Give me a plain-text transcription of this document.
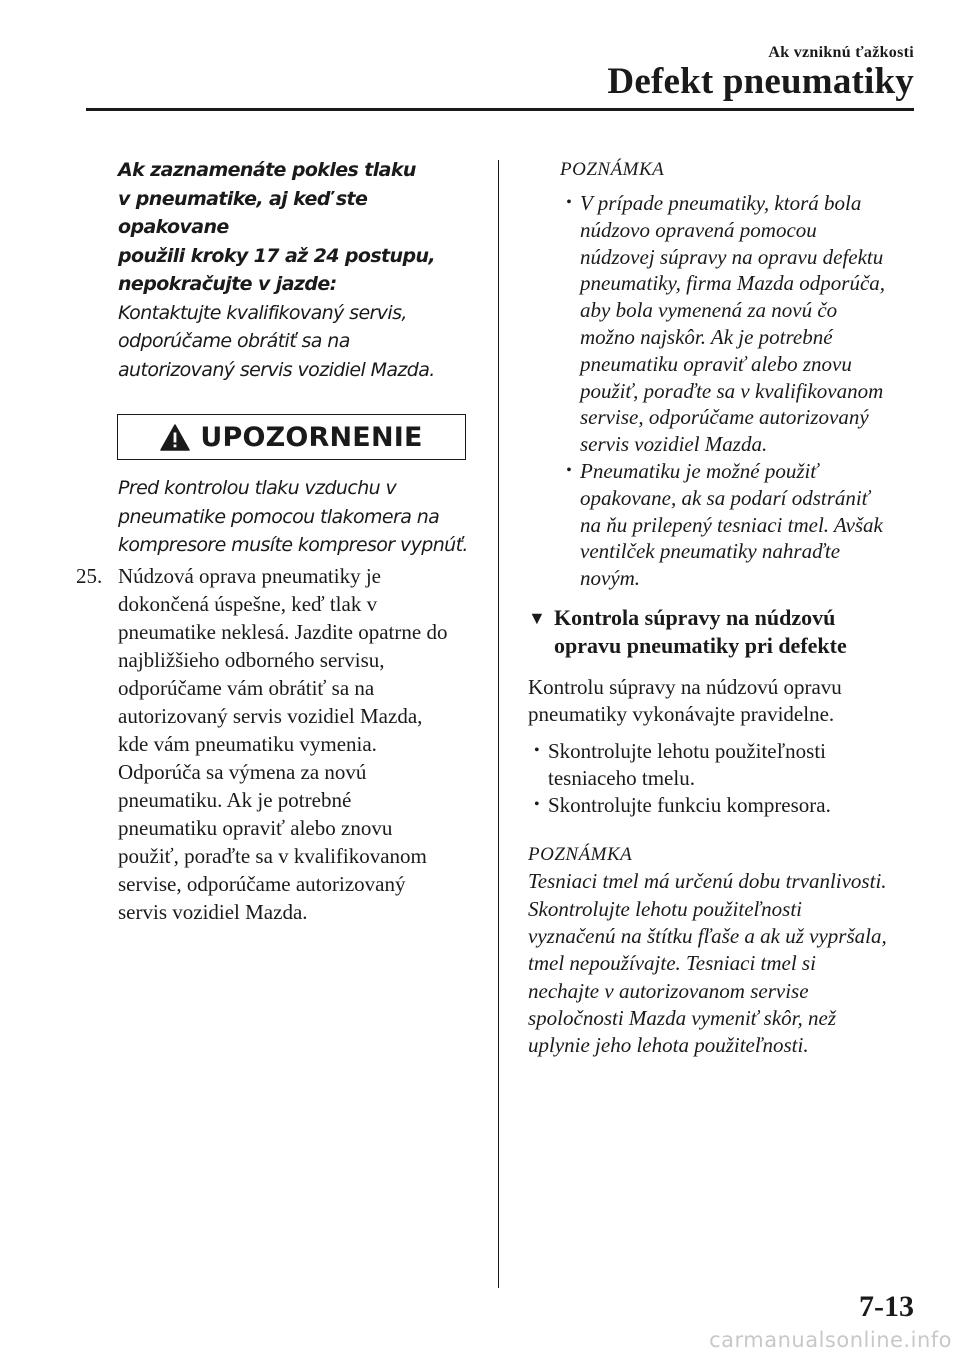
Ak vzniknú ťažkosti
Defekt pneumatiky
Ak zaznamenáte pokles tlaku
v pneumatike, aj keď ste opakovane
použili kroky 17 až 24 postupu,
nepokračujte v jazde:
Kontaktujte kvalifikovaný servis,
odporúčame obrátiť sa na
autorizovaný servis vozidiel Mazda.
UPOZORNENIE
Pred kontrolou tlaku vzduchu v
pneumatike pomocou tlakomera na
kompresore musíte kompresor vypnúť.
25. Núdzová oprava pneumatiky je
dokončená úspešne, keď tlak v
pneumatike neklesá. Jazdite opatrne do
najbližšieho odborného servisu,
odporúčame vám obrátiť sa na
autorizovaný servis vozidiel Mazda,
kde vám pneumatiku vymenia.
Odporúča sa výmena za novú
pneumatiku. Ak je potrebné
pneumatiku opraviť alebo znovu
použiť, poraďte sa v kvalifikovanom
servise, odporúčame autorizovaný
servis vozidiel Mazda.
POZNÁMKA
• V prípade pneumatiky, ktorá bola
núdzovo opravená pomocou
núdzovej súpravy na opravu defektu
pneumatiky, firma Mazda odporúča,
aby bola vymenená za novú čo
možno najskôr. Ak je potrebné
pneumatiku opraviť alebo znovu
použiť, poraďte sa v kvalifikovanom
servise, odporúčame autorizovaný
servis vozidiel Mazda.
• Pneumatiku je možné použiť
opakovane, ak sa podarí odstrániť
na ňu prilepený tesniaci tmel. Avšak
ventilček pneumatiky nahraďte
novým.
▼ Kontrola súpravy na núdzovú
opravu pneumatiky pri defekte
Kontrolu súpravy na núdzovú opravu
pneumatiky vykonávajte pravidelne.
• Skontrolujte lehotu použiteľnosti
tesniaceho tmelu.
• Skontrolujte funkciu kompresora.
POZNÁMKA
Tesniaci tmel má určenú dobu trvanlivosti.
Skontrolujte lehotu použiteľnosti
vyznačenú na štítku fľaše a ak už vypršala,
tmel nepoužívajte. Tesniaci tmel si
nechajte v autorizovanom servise
spoločnosti Mazda vymeniť skôr, než
uplynie jeho lehota použiteľnosti.
7-13
carmanualsonline.info
